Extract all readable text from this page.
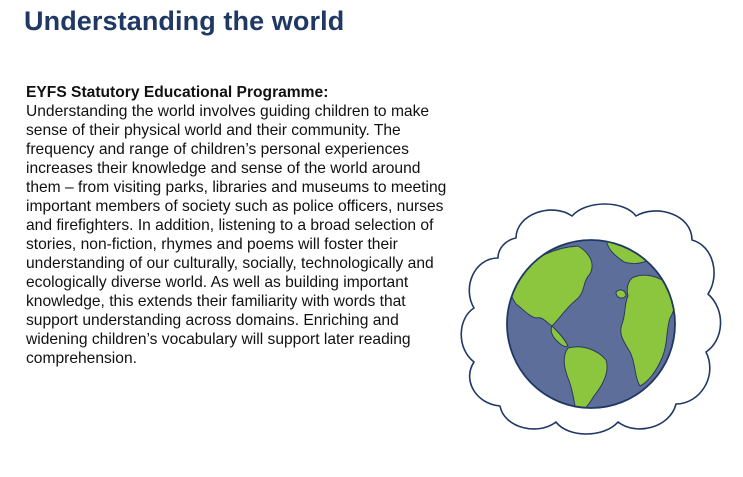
Understanding the world

EYFS Statutory Educational Programme:
Understanding the world involves guiding children to make sense of their physical world and their community. The frequency and range of children’s personal experiences increases their knowledge and sense of the world around them – from visiting parks, libraries and museums to meeting important members of society such as police officers, nurses and firefighters. In addition, listening to a broad selection of stories, non-fiction, rhymes and poems will foster their understanding of our culturally, socially, technologically and ecologically diverse world. As well as building important knowledge, this extends their familiarity with words that support understanding across domains. Enriching and widening children’s vocabulary will support later reading comprehension.
